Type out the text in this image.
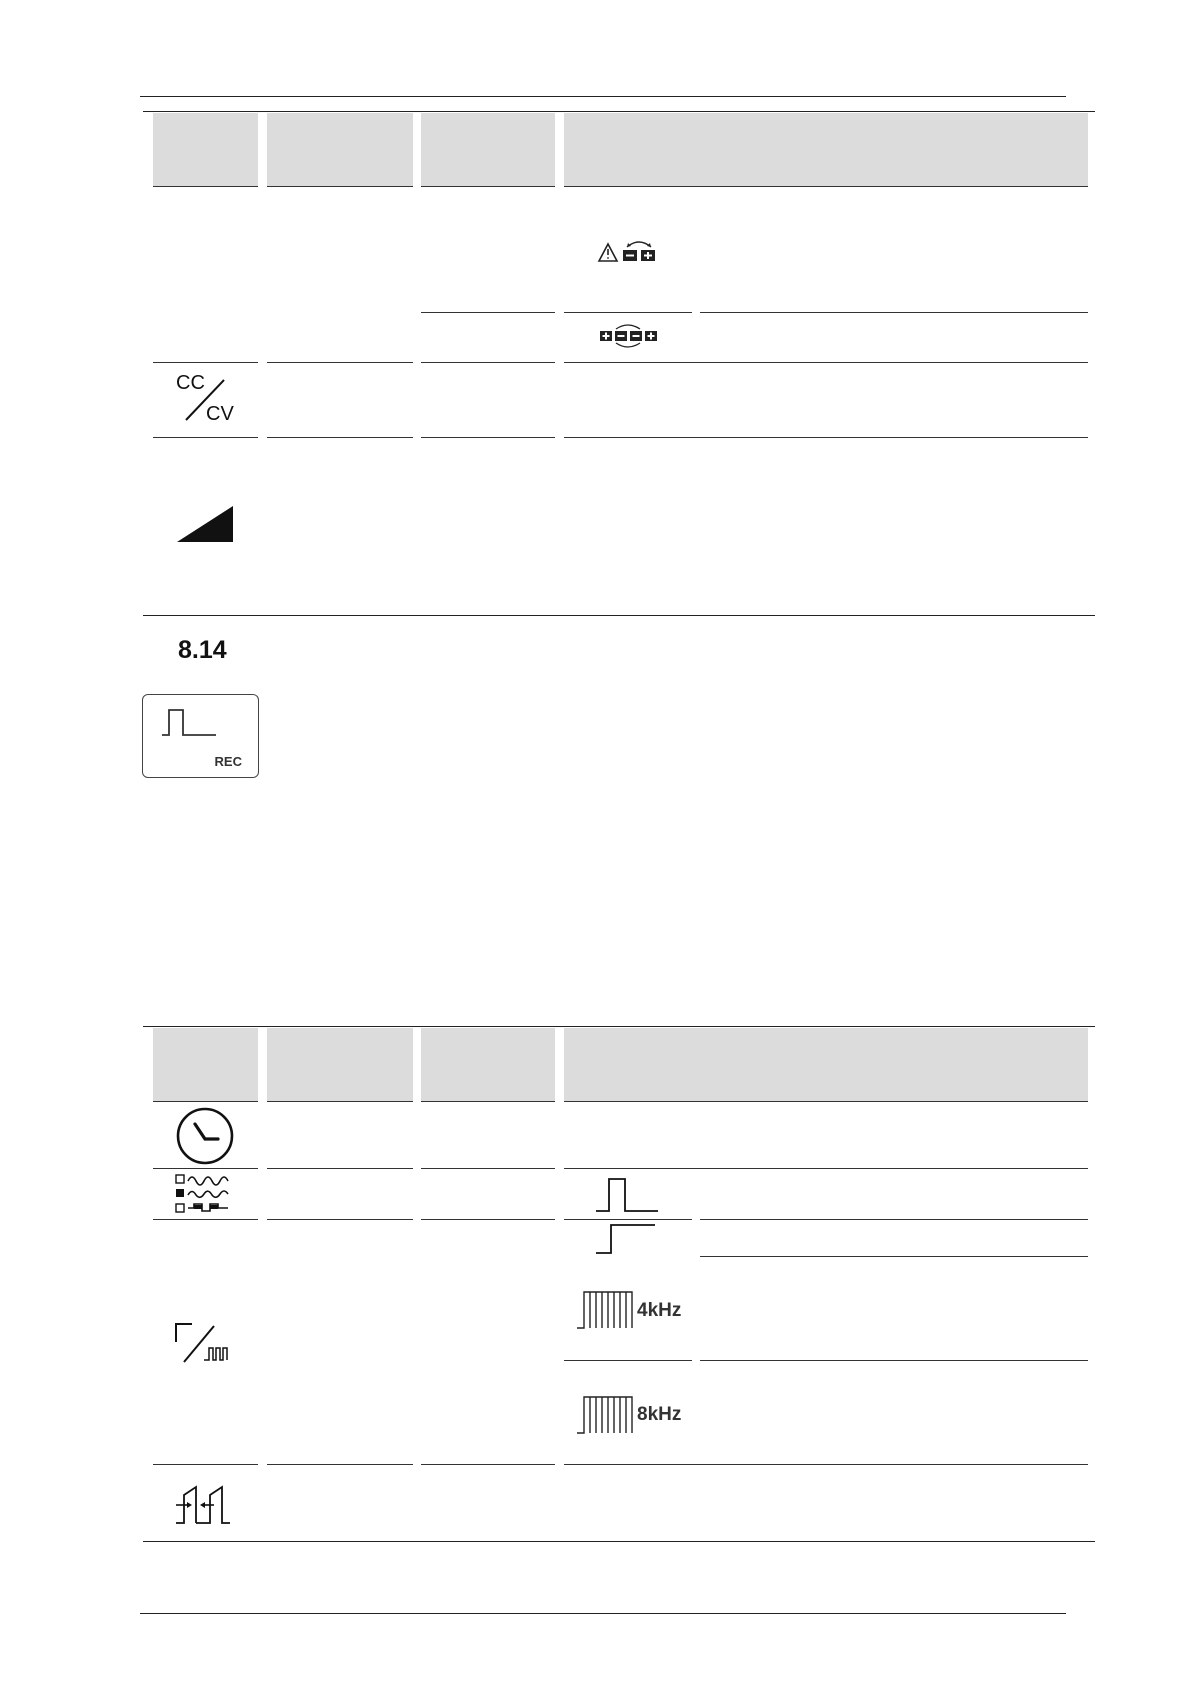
CC
CV
8.14
REC
4kHz
8kHz
